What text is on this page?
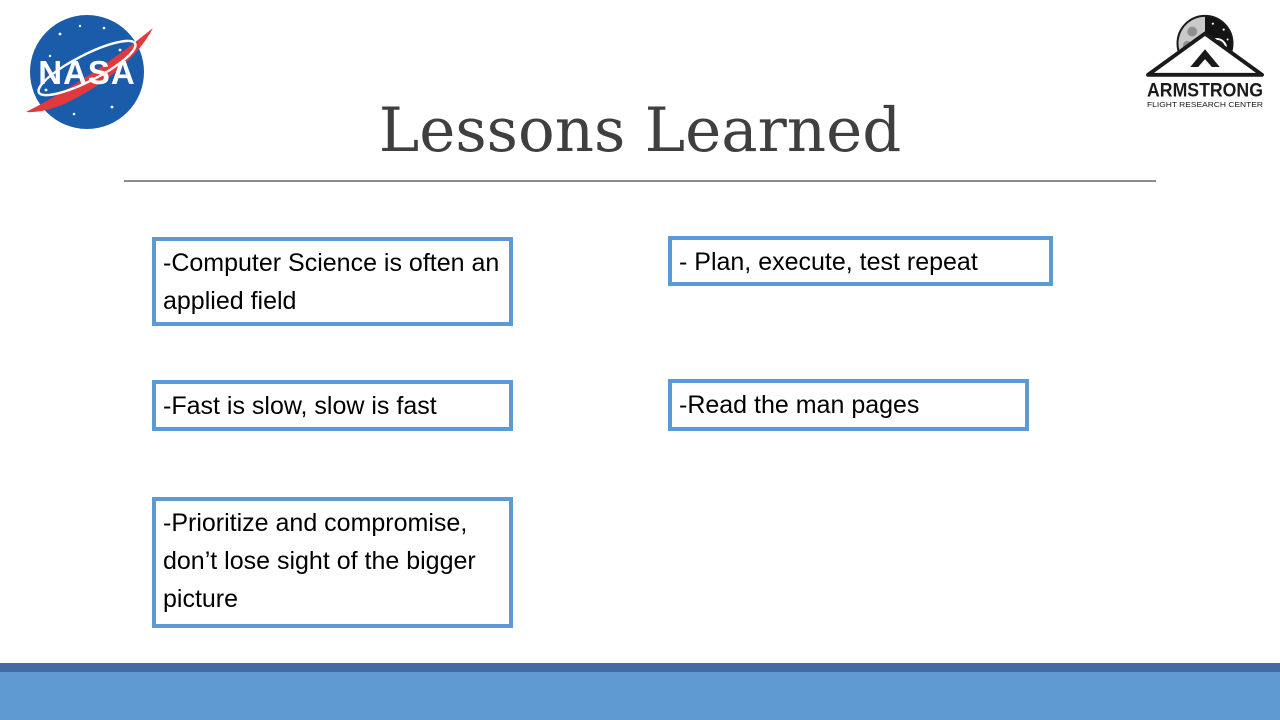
NASA	ARMSTRONG
FLIGHT RESEARCH CENTER
Lessons Learned
-Computer Science is often an applied field
-Fast is slow, slow is fast
-Prioritize and compromise, don’t lose sight of the bigger picture
- Plan, execute, test repeat
-Read the man pages
